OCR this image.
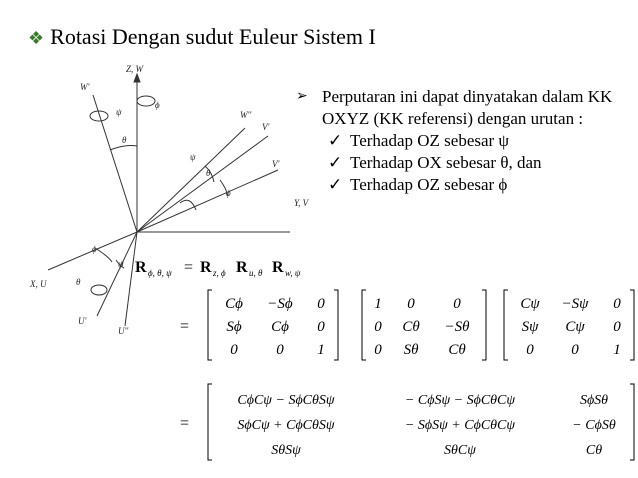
❖ Rotasi Dengan sudut Euleur Sistem I
➢ Perputaran ini dapat dinyatakan dalam KK OXYZ (KK referensi) dengan urutan :
✓ Terhadap OZ sebesar ψ
✓ Terhadap OX sebesar θ, dan
✓ Terhadap OZ sebesar ϕ
Z, W
Y, V
X, U
W'
W''
V'
V'
U'
U''
ϕ
θ
ψ
ψ
θ
ϕ
ϕ
ψ
θ
R ϕ, θ, ψ = R z, ϕ R u, θ R w, ψ
=
Cϕ −Sϕ 0
Sϕ Cϕ 0
0	0 1
1 0	0
0 Cθ −Sθ
0 Sθ Cθ
Cψ −Sψ 0
Sψ Cψ 0
0	0 1
=
CϕCψ − SϕCθSψ	− CϕSψ − SϕCθCψ	SϕSθ
SϕCψ + CϕCθSψ	− SϕSψ + CϕCθCψ	− CϕSθ
SθSψ	SθCψ	Cθ
